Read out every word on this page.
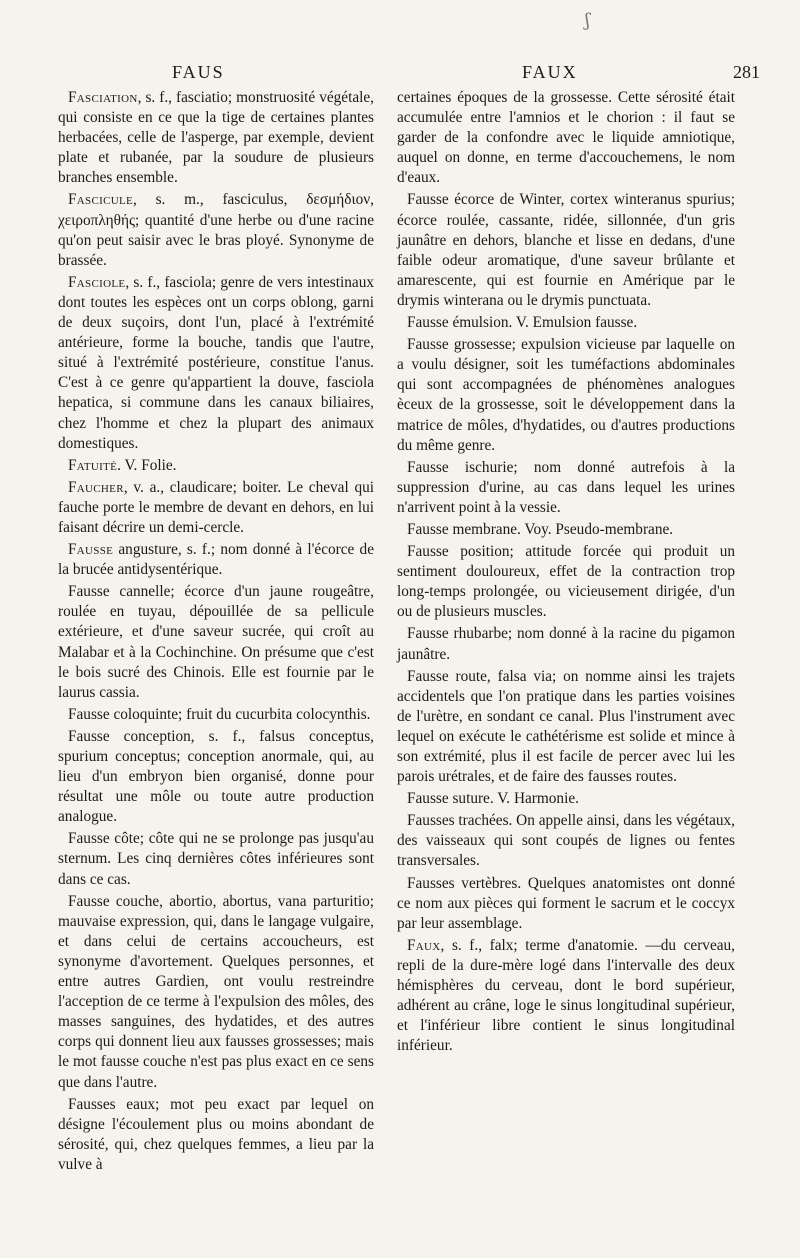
ʃ
FAUS	FAUX	281

Fasciation, s. f., fasciatio; monstruosité végétale, qui consiste en ce que la tige de certaines plantes herbacées, celle de l'asperge, par exemple, devient plate et rubanée, par la soudure de plusieurs branches ensemble.

Fascicule, s. m., fasciculus, δεσμήδιον, χειροπληθής; quantité d'une herbe ou d'une racine qu'on peut saisir avec le bras ployé. Synonyme de brassée.

Fasciole, s. f., fasciola; genre de vers intestinaux dont toutes les espèces ont un corps oblong, garni de deux suçoirs, dont l'un, placé à l'extrémité antérieure, forme la bouche, tandis que l'autre, situé à l'extrémité postérieure, constitue l'anus. C'est à ce genre qu'appartient la douve, fasciola hepatica, si commune dans les canaux biliaires, chez l'homme et chez la plupart des animaux domestiques.

Fatuité. V. Folie.

Faucher, v. a., claudicare; boiter. Le cheval qui fauche porte le membre de devant en dehors, en lui faisant décrire un demi-cercle.

Fausse angusture, s. f.; nom donné à l'écorce de la brucée antidysentérique.

Fausse cannelle; écorce d'un jaune rougeâtre, roulée en tuyau, dépouillée de sa pellicule extérieure, et d'une saveur sucrée, qui croît au Malabar et à la Cochinchine. On présume que c'est le bois sucré des Chinois. Elle est fournie par le laurus cassia.

Fausse coloquinte; fruit du cucurbita colocynthis.

Fausse conception, s. f., falsus conceptus, spurium conceptus; conception anormale, qui, au lieu d'un embryon bien organisé, donne pour résultat une môle ou toute autre production analogue.

Fausse côte; côte qui ne se prolonge pas jusqu'au sternum. Les cinq dernières côtes inférieures sont dans ce cas.

Fausse couche, abortio, abortus, vana parturitio; mauvaise expression, qui, dans le langage vulgaire, et dans celui de certains accoucheurs, est synonyme d'avortement. Quelques personnes, et entre autres Gardien, ont voulu restreindre l'acception de ce terme à l'expulsion des môles, des masses sanguines, des hydatides, et des autres corps qui donnent lieu aux fausses grossesses; mais le mot fausse couche n'est pas plus exact en ce sens que dans l'autre.

Fausses eaux; mot peu exact par lequel on désigne l'écoulement plus ou moins abondant de sérosité, qui, chez quelques femmes, a lieu par la vulve à

certaines époques de la grossesse. Cette sérosité était accumulée entre l'amnios et le chorion : il faut se garder de la confondre avec le liquide amniotique, auquel on donne, en terme d'accouchemens, le nom d'eaux.

Fausse écorce de Winter, cortex winteranus spurius; écorce roulée, cassante, ridée, sillonnée, d'un gris jaunâtre en dehors, blanche et lisse en dedans, d'une faible odeur aromatique, d'une saveur brûlante et amarescente, qui est fournie en Amérique par le drymis winterana ou le drymis punctuata.

Fausse émulsion. V. Emulsion fausse.

Fausse grossesse; expulsion vicieuse par laquelle on a voulu désigner, soit les tuméfactions abdominales qui sont accompagnées de phénomènes analogues èceux de la grossesse, soit le développement dans la matrice de môles, d'hydatides, ou d'autres productions du même genre.

Fausse ischurie; nom donné autrefois à la suppression d'urine, au cas dans lequel les urines n'arrivent point à la vessie.

Fausse membrane. Voy. Pseudo-membrane.

Fausse position; attitude forcée qui produit un sentiment douloureux, effet de la contraction trop long-temps prolongée, ou vicieusement dirigée, d'un ou de plusieurs muscles.

Fausse rhubarbe; nom donné à la racine du pigamon jaunâtre.

Fausse route, falsa via; on nomme ainsi les trajets accidentels que l'on pratique dans les parties voisines de l'urètre, en sondant ce canal. Plus l'instrument avec lequel on exécute le cathétérisme est solide et mince à son extrémité, plus il est facile de percer avec lui les parois urétrales, et de faire des fausses routes.

Fausse suture. V. Harmonie.

Fausses trachées. On appelle ainsi, dans les végétaux, des vaisseaux qui sont coupés de lignes ou fentes transversales.

Fausses vertèbres. Quelques anatomistes ont donné ce nom aux pièces qui forment le sacrum et le coccyx par leur assemblage.

Faux, s. f., falx; terme d'anatomie. —du cerveau, repli de la dure-mère logé dans l'intervalle des deux hémisphères du cerveau, dont le bord supérieur, adhérent au crâne, loge le sinus longitudinal supérieur, et l'inférieur libre contient le sinus longitudinal inférieur.
